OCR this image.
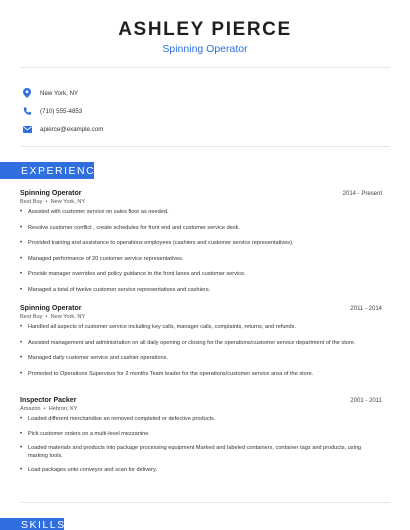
ASHLEY PIERCE
Spinning Operator
New York, NY
(710) 555-4853
apierce@example.com
EXPERIENCE
Spinning Operator	2014 - Present
Best Buy  •  New York, NY
• Assisted with customer service on sales floor as needed.
• Resolve customer conflict , create schedules for front end and customer service desk.
• Provided training and assistance to operations employees (cashiers and customer service representatives).
• Managed performance of 20 customer service representatives.
• Provide manager overrides and policy guidance to the front lanes and customer service.
• Managed a total of twelve customer service representatives and cashiers.
Spinning Operator	2011 - 2014
Best Buy  •  New York, NY
• Handled all aspects of customer service including key calls, manager calls, complaints, returns, and refunds.
• Assisted management and administration on all daily opening or closing for the operations/customer service department of the store.
• Managed daily customer service and cashier operations.
• Promoted to Operations Supervisor for 2 months Team leader for the operations/customer service area of the store.
Inspector Packer	2001 - 2011
Amazon  •  Hebron, KY
• Loaded different merchandise an removed completed or defective products.
• Pick customer orders on a multi-level mezzanine.
• Loaded materials and products into package processing equipment Marked and labeled containers, container tags and products, using marking tools.
• Load packages unto conveyor and scan for delivery.
SKILLS
